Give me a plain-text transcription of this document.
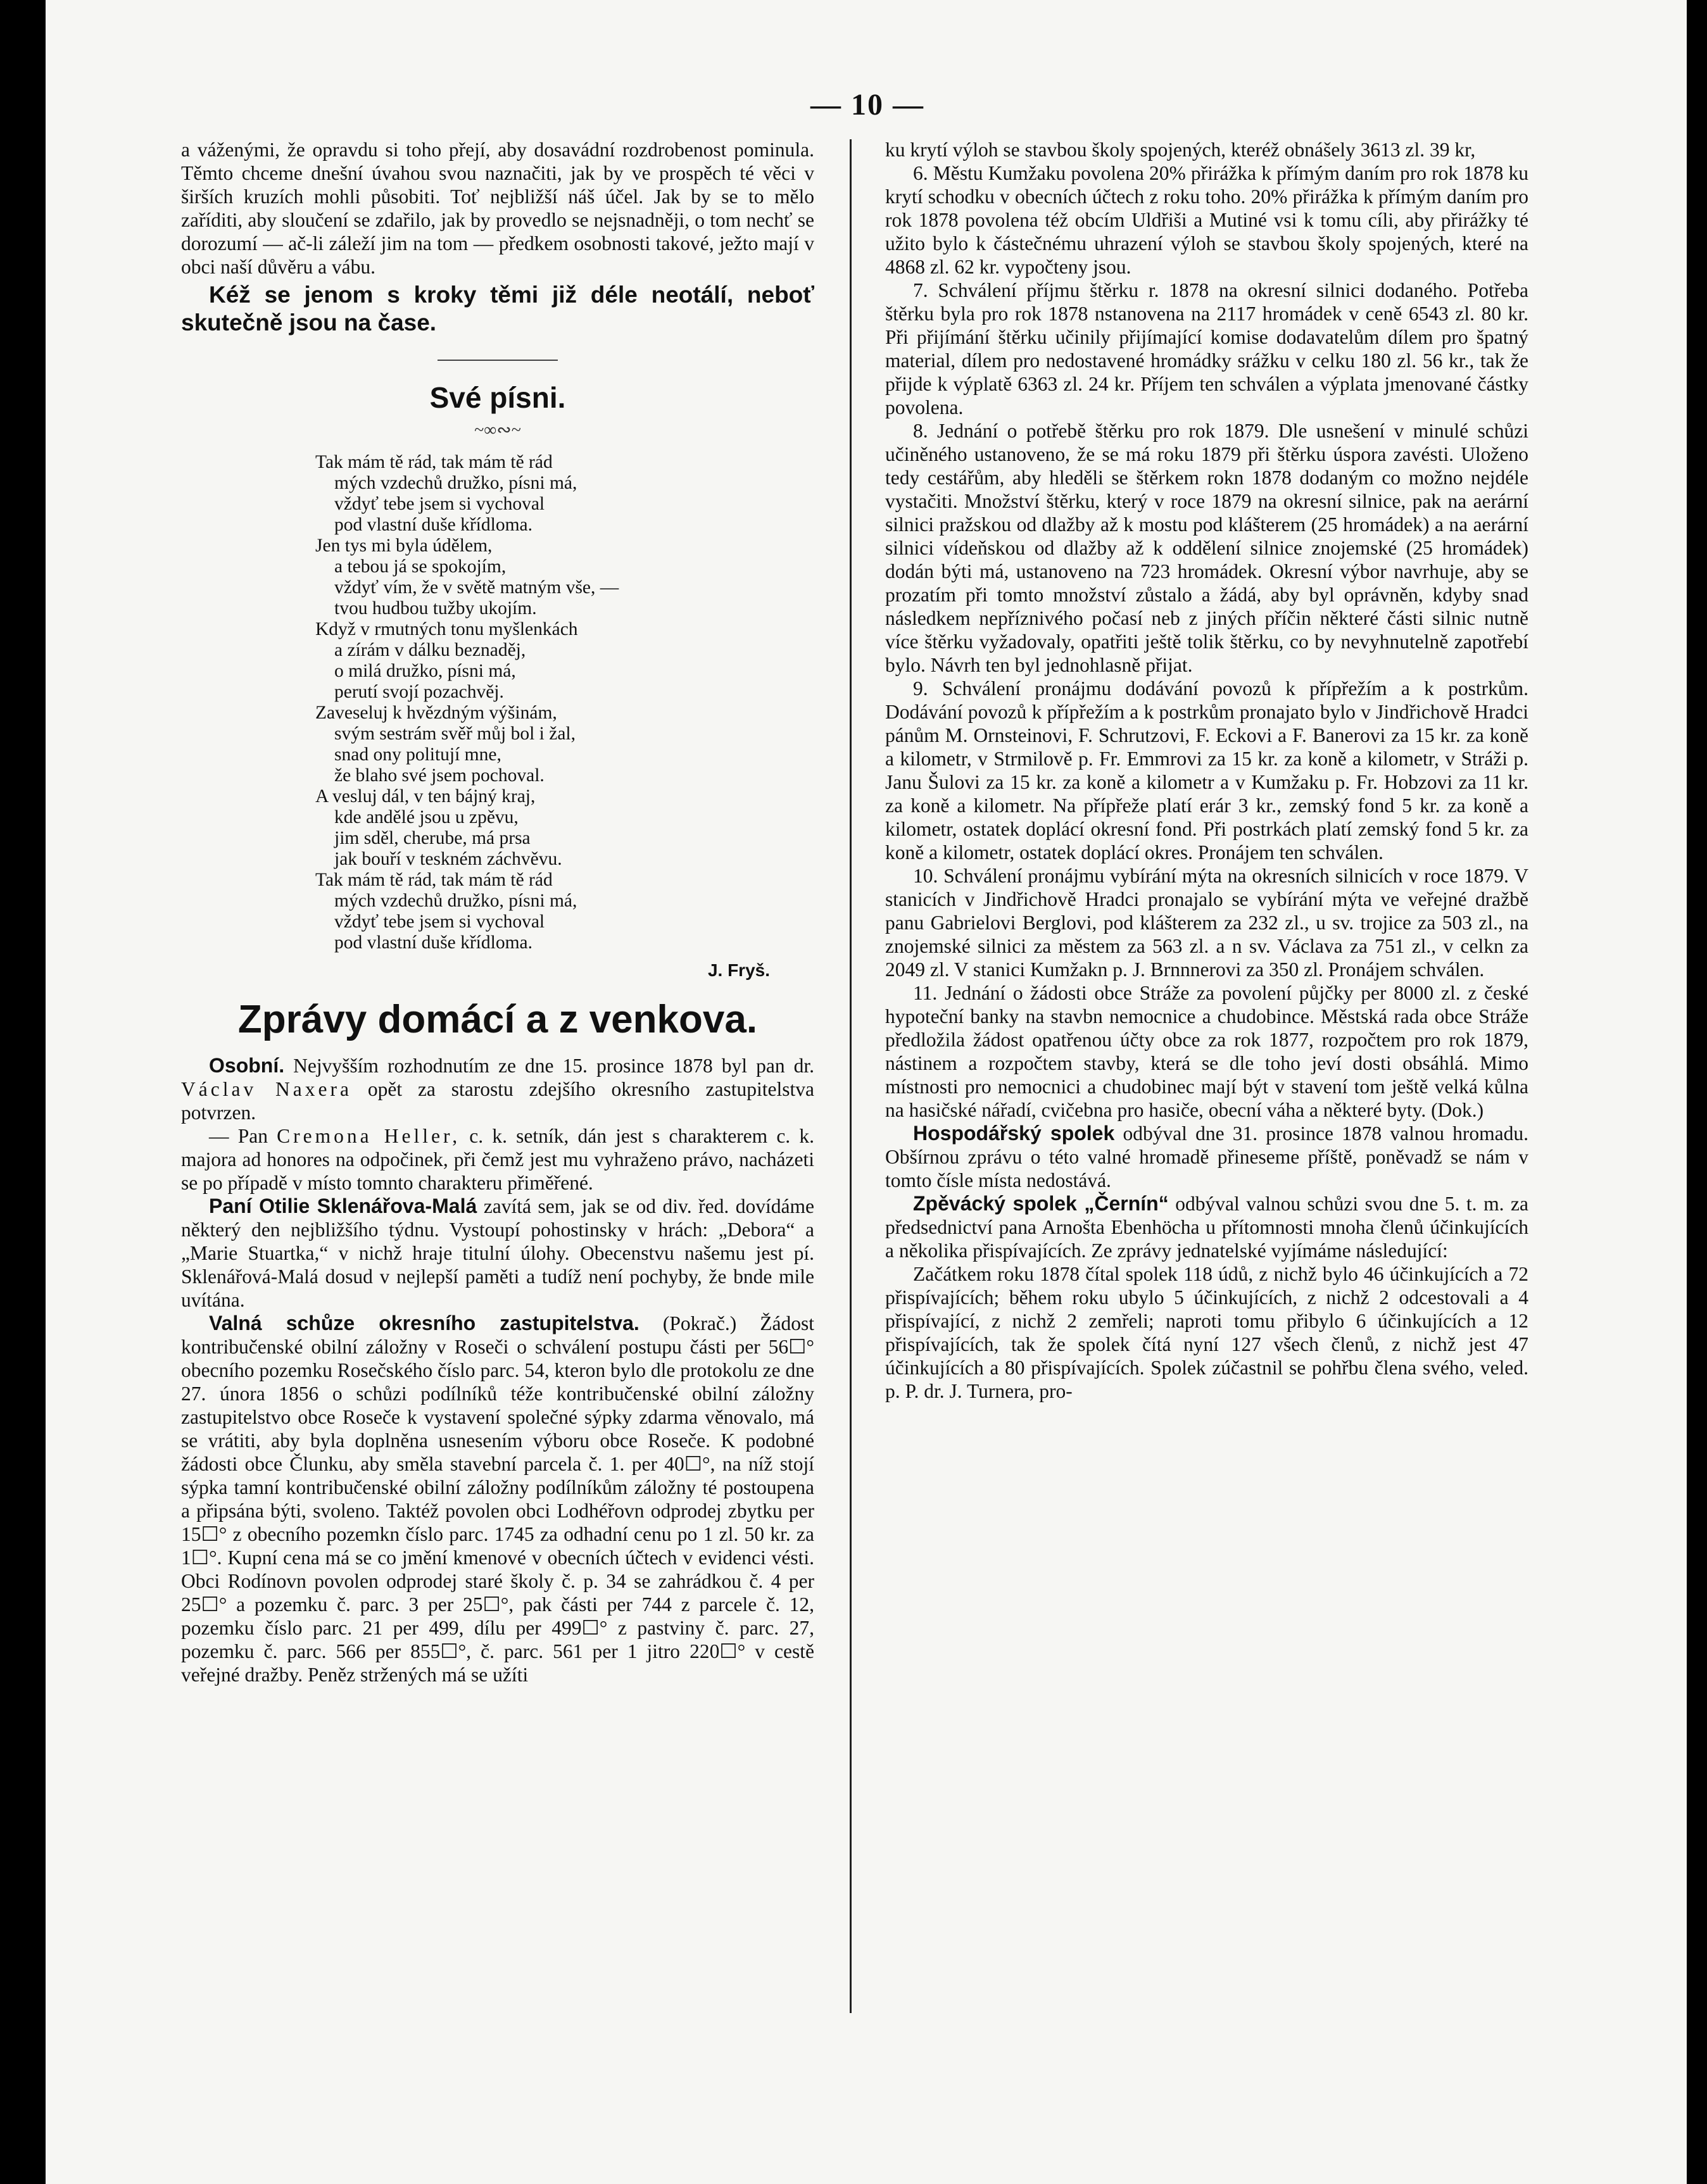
— 10 —

a váženými, že opravdu si toho přejí, aby dosavádní rozdrobenost pominula. Těmto chceme dnešní úvahou svou naznačiti, jak by ve prospěch té věci v širších kruzích mohli působiti. Toť nejbližší náš účel. Jak by se to mělo zaříditi, aby sloučení se zdařilo, jak by provedlo se nejsnadněji, o tom nechť se dorozumí — ač-li záleží jim na tom — předkem osobnosti takové, ježto mají v obci naší důvěru a vábu.

Kéž se jenom s kroky těmi již déle neotálí, neboť skutečně jsou na čase.

Své písni.
~∞∾~
Tak mám tě rád, tak mám tě rád
mých vzdechů družko, písni má,
vždyť tebe jsem si vychoval
pod vlastní duše křídloma.
Jen tys mi byla údělem,
a tebou já se spokojím,
vždyť vím, že v světě matným vše, —
tvou hudbou tužby ukojím.
Když v rmutných tonu myšlenkách
a zírám v dálku beznaděj,
o milá družko, písni má,
perutí svojí pozachvěj.
Zaveseluj k hvězdným výšinám,
svým sestrám svěř můj bol i žal,
snad ony politují mne,
že blaho své jsem pochoval.
A vesluj dál, v ten bájný kraj,
kde andělé jsou u zpěvu,
jim sděl, cherube, má prsa
jak bouří v teskném záchvěvu.
Tak mám tě rád, tak mám tě rád
mých vzdechů družko, písni má,
vždyť tebe jsem si vychoval
pod vlastní duše křídloma.
J. Fryš.
Zprávy domácí a z venkova.

Osobní. Nejvyšším rozhodnutím ze dne 15. prosince 1878 byl pan dr. Václav Naxera opět za starostu zdejšího okresního zastupitelstva potvrzen.

— Pan Cremona Heller, c. k. setník, dán jest s charakterem c. k. majora ad honores na odpočinek, při čemž jest mu vyhraženo právo, nacházeti se po případě v místo tomnto charakteru přiměřené.

Paní Otilie Sklenářova-Malá zavítá sem, jak se od div. řed. dovídáme některý den nejbližšího týdnu. Vystoupí pohostinsky v hrách: „Debora“ a „Marie Stuartka,“ v nichž hraje titulní úlohy. Obecenstvu našemu jest pí. Sklenářová-Malá dosud v nejlepší paměti a tudíž není pochyby, že bnde mile uvítána.

Valná schůze okresního zastupitelstva. (Pokrač.) Žádost kontribučenské obilní záložny v Roseči o schválení postupu části per 56☐° obecního pozemku Rosečského číslo parc. 54, kteron bylo dle protokolu ze dne 27. února 1856 o schůzi podílníků téže kontribučenské obilní záložny zastupitelstvo obce Roseče k vystavení společné sýpky zdarma věnovalo, má se vrátiti, aby byla doplněna usnesením výboru obce Roseče. K podobné žádosti obce Člunku, aby směla stavební parcela č. 1. per 40☐°, na níž stojí sýpka tamní kontribučenské obilní záložny podílníkům záložny té postoupena a připsána býti, svoleno. Taktéž povolen obci Lodhéřovn odprodej zbytku per 15☐° z obecního pozemkn číslo parc. 1745 za odhadní cenu po 1 zl. 50 kr. za 1☐°. Kupní cena má se co jmění kmenové v obecních účtech v evidenci vésti. Obci Rodínovn povolen odprodej staré školy č. p. 34 se zahrádkou č. 4 per 25☐° a pozemku č. parc. 3 per 25☐°, pak části per 744 z parcele č. 12, pozemku číslo parc. 21 per 499, dílu per 499☐° z pastviny č. parc. 27, pozemku č. parc. 566 per 855☐°, č. parc. 561 per 1 jitro 220☐° v cestě veřejné dražby. Peněz stržených má se užíti

ku krytí výloh se stavbou školy spojených, kteréž obnášely 3613 zl. 39 kr,

6. Městu Kumžaku povolena 20% přirážka k přímým daním pro rok 1878 ku krytí schodku v obecních účtech z roku toho. 20% přirážka k přímým daním pro rok 1878 povolena též obcím Uldřiši a Mutiné vsi k tomu cíli, aby přirážky té užito bylo k částečnému uhrazení výloh se stavbou školy spojených, které na 4868 zl. 62 kr. vypočteny jsou.

7. Schválení příjmu štěrku r. 1878 na okresní silnici dodaného. Potřeba štěrku byla pro rok 1878 nstanovena na 2117 hromádek v ceně 6543 zl. 80 kr. Při přijímání štěrku učinily přijímající komise dodavatelům dílem pro špatný material, dílem pro nedostavené hromádky srážku v celku 180 zl. 56 kr., tak že přijde k výplatě 6363 zl. 24 kr. Příjem ten schválen a výplata jmenované částky povolena.

8. Jednání o potřebě štěrku pro rok 1879. Dle usnešení v minulé schůzi učiněného ustanoveno, že se má roku 1879 při štěrku úspora zavésti. Uloženo tedy cestářům, aby hleděli se štěrkem rokn 1878 dodaným co možno nejdéle vystačiti. Množství štěrku, který v roce 1879 na okresní silnice, pak na aerární silnici pražskou od dlažby až k mostu pod klášterem (25 hromádek) a na aerární silnici vídeňskou od dlažby až k oddělení silnice znojemské (25 hromádek) dodán býti má, ustanoveno na 723 hromádek. Okresní výbor navrhuje, aby se prozatím při tomto množství zůstalo a žádá, aby byl oprávněn, kdyby snad následkem nepříznivého počasí neb z jiných příčin některé části silnic nutně více štěrku vyžadovaly, opatřiti ještě tolik štěrku, co by nevyhnutelně zapotřebí bylo. Návrh ten byl jednohlasně přijat.

9. Schválení pronájmu dodávání povozů k přípřežím a k postrkům. Dodávání povozů k přípřežím a k postrkům pronajato bylo v Jindřichově Hradci pánům M. Ornsteinovi, F. Schrutzovi, F. Eckovi a F. Banerovi za 15 kr. za koně a kilometr, v Strmilově p. Fr. Emmrovi za 15 kr. za koně a kilometr, v Stráži p. Janu Šulovi za 15 kr. za koně a kilometr a v Kumžaku p. Fr. Hobzovi za 11 kr. za koně a kilometr. Na přípřeže platí erár 3 kr., zemský fond 5 kr. za koně a kilometr, ostatek doplácí okresní fond. Při postrkách platí zemský fond 5 kr. za koně a kilometr, ostatek doplácí okres. Pronájem ten schválen.

10. Schválení pronájmu vybírání mýta na okresních silnicích v roce 1879. V stanicích v Jindřichově Hradci pronajalo se vybírání mýta ve veřejné dražbě panu Gabrielovi Berglovi, pod klášterem za 232 zl., u sv. trojice za 503 zl., na znojemské silnici za městem za 563 zl. a n sv. Václava za 751 zl., v celkn za 2049 zl. V stanici Kumžakn p. J. Brnnnerovi za 350 zl. Pronájem schválen.

11. Jednání o žádosti obce Stráže za povolení půjčky per 8000 zl. z české hypoteční banky na stavbn nemocnice a chudobince. Městská rada obce Stráže předložila žádost opatřenou účty obce za rok 1877, rozpočtem pro rok 1879, nástinem a rozpočtem stavby, která se dle toho jeví dosti obsáhlá. Mimo místnosti pro nemocnici a chudobinec mají být v stavení tom ještě velká kůlna na hasičské nářadí, cvičebna pro hasiče, obecní váha a některé byty. (Dok.)

Hospodářský spolek odbýval dne 31. prosince 1878 valnou hromadu. Obšírnou zprávu o této valné hromadě přineseme příště, poněvadž se nám v tomto čísle místa nedostává.

Zpěvácký spolek „Černín“ odbýval valnou schůzi svou dne 5. t. m. za předsednictví pana Arnošta Ebenhöcha u přítomnosti mnoha členů účinkujících a několika přispívajících. Ze zprávy jednatelské vyjímáme následující:

Začátkem roku 1878 čítal spolek 118 údů, z nichž bylo 46 účinkujících a 72 přispívajících; během roku ubylo 5 účinkujících, z nichž 2 odcestovali a 4 přispívající, z nichž 2 zemřeli; naproti tomu přibylo 6 účinkujících a 12 přispívajících, tak že spolek čítá nyní 127 všech členů, z nichž jest 47 účinkujících a 80 přispívajících. Spolek zúčastnil se pohřbu člena svého, veled. p. P. dr. J. Turnera, pro-
